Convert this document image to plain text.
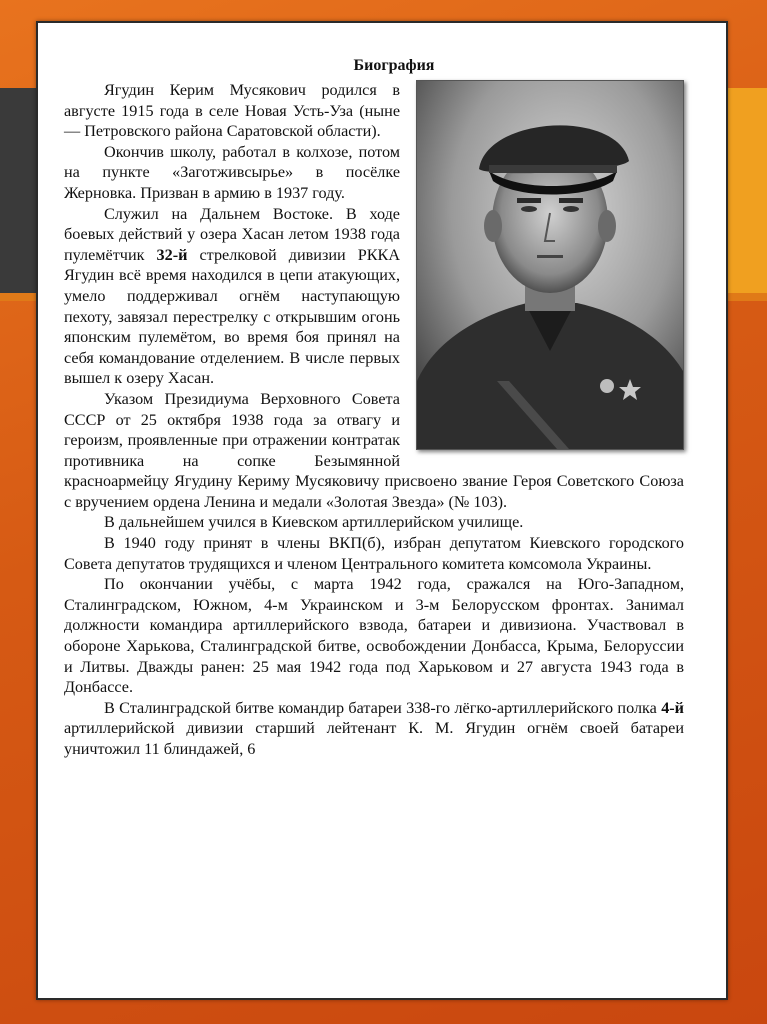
Биография

Ягудин Керим Мусякович родился в августе 1915 года в селе Новая Усть-Уза (ныне — Петровского района Саратовской области).

Окончив школу, работал в колхозе, потом на пункте «Заготживсырье» в посёлке Жерновка. Призван в армию в 1937 году.

Служил на Дальнем Востоке. В ходе боевых действий у озера Хасан летом 1938 года пулемётчик 32-й стрелковой дивизии РККА Ягудин всё время находился в цепи атакующих, умело поддерживал огнём наступающую пехоту, завязал перестрелку с открывшим огонь японским пулемётом, во время боя принял на себя командование отделением. В числе первых вышел к озеру Хасан.

Указом Президиума Верховного Совета СССР от 25 октября 1938 года за отвагу и героизм, проявленные при отражении контратак противника на сопке Безымянной красноармейцу Ягудину Кериму Мусяковичу присвоено звание Героя Советского Союза с вручением ордена Ленина и медали «Золотая Звезда» (№ 103).

В дальнейшем учился в Киевском артиллерийском училище.

В 1940 году принят в члены ВКП(б), избран депутатом Киевского городского Совета депутатов трудящихся и членом Центрального комитета комсомола Украины.

По окончании учёбы, с марта 1942 года, сражался на Юго-Западном, Сталинградском, Южном, 4-м Украинском и 3-м Белорусском фронтах. Занимал должности командира артиллерийского взвода, батареи и дивизиона. Участвовал в обороне Харькова, Сталинградской битве, освобождении Донбасса, Крыма, Белоруссии и Литвы. Дважды ранен: 25 мая 1942 года под Харьковом и 27 августа 1943 года в Донбассе.

В Сталинградской битве командир батареи 338-го лёгко-артиллерийского полка 4-й артиллерийской дивизии старший лейтенант К. М. Ягудин огнём своей батареи уничтожил 11 блиндажей, 6
